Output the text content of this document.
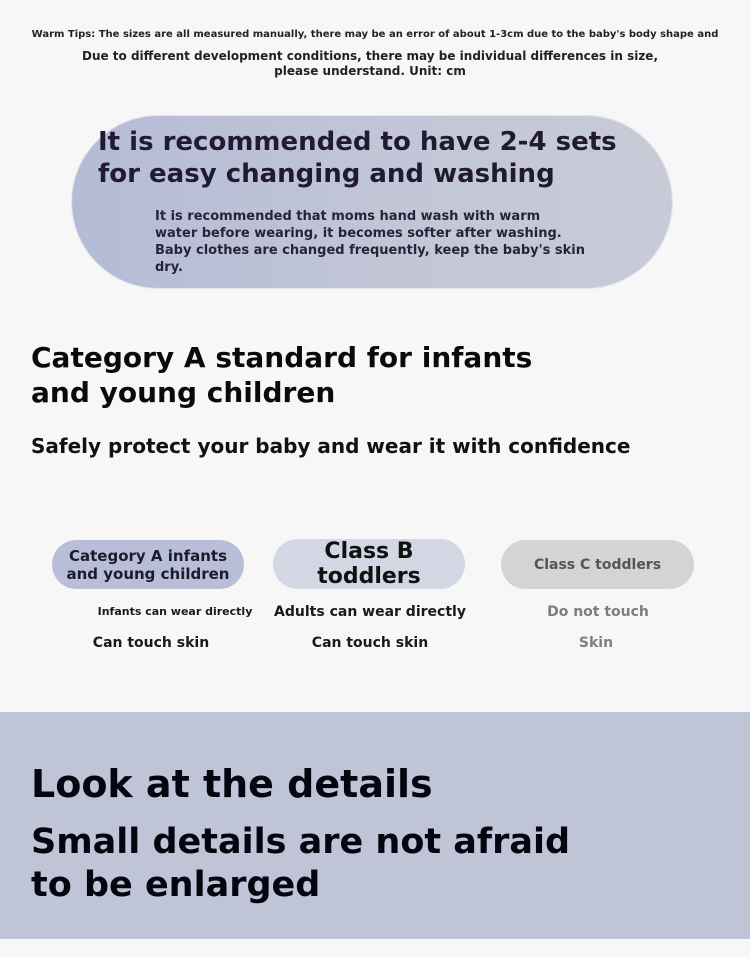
Warm Tips: The sizes are all measured manually, there may be an error of about 1-3cm due to the baby's body shape and
Due to different development conditions, there may be individual differences in size, please understand. Unit: cm
It is recommended to have 2-4 sets for easy changing and washing
It is recommended that moms hand wash with warm water before wearing, it becomes softer after washing. Baby clothes are changed frequently, keep the baby's skin dry.
Category A standard for infants and young children
Safely protect your baby and wear it with confidence
Category A infants and young children
Class B toddlers	Class C toddlers
Infants can wear directly
Can touch skin
Adults can wear directly
Can touch skin
Do not touch
Skin
Look at the details
Small details are not afraid to be enlarged
